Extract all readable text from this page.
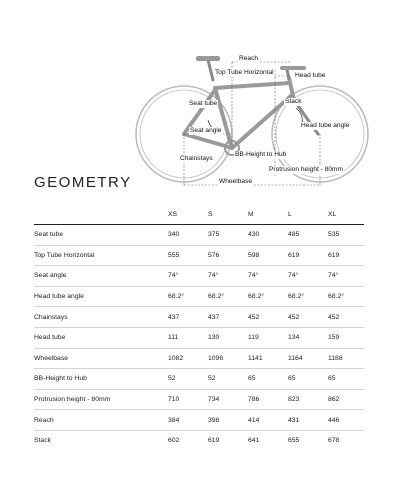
Reach
Top Tube Horizontal	Head tube
Stack
Seat tube
Seat angle
Head tube angle
Chainstays
BB-Height to Hub
Protrusion height - 80mm
Wheelbase
GEOMETRY
	XS	S	M	L	XL
Seat tube	340	375	430	485	535
Top Tube Horizontal	555	576	598	619	619
Seat angle	74°	74°	74°	74°	74°
Head tube angle	68.2°	68.2°	68.2°	68.2°	68.2°
Chainstays	437	437	452	452	452
Head tube	111	130	119	134	159
Wheelbase	1082	1096	1141	1164	1188
BB-Height to Hub	52	52	65	65	65
Protrusion height - 80mm	710	734	786	823	862
Reach	384	398	414	431	446
Stack	602	619	641	655	678
